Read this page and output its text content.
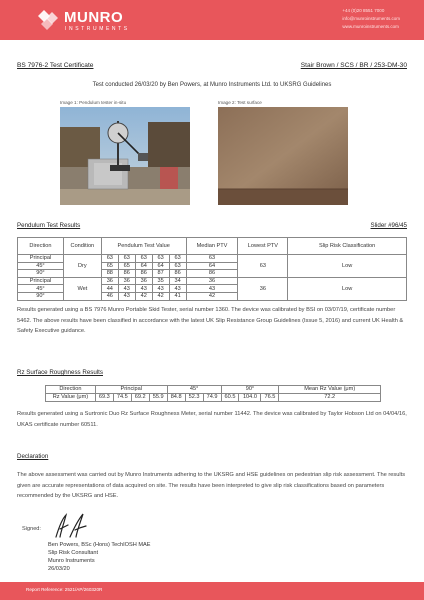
MUNRO
INSTRUMENTS
+44 (0)20 8551 7000
info@munroinstruments.com
www.munroinstruments.com
BS 7976-2 Test Certificate	Stair Brown / SCS / BR / 253-DM-30
Test conducted 26/03/20 by Ben Powers, at Munro Instruments Ltd. to UKSRG Guidelines
Image 1: Pendulum tester in-situ	Image 2: Test surface
Pendulum Test Results	Slider #96/45
Direction	Condition	Pendulum Test Value					Median PTV	Lowest PTV	Slip Risk Classification
Principal	Dry	63	63	63	63	63	63	63	Low
45°		65	65	64	64	63	64		
90°		88	86	86	87	86	86		
Principal	Wet	36	36	36	35	34	36	36	Low
45°		44	43	43	43	43	43		
90°		46	43	42	42	41	42		
Results generated using a BS 7976 Munro Portable Skid Tester, serial number 1360. The device was calibrated by BSI on 03/07/19, certificate number 5462. The above results have been classified in accordance with the latest UK Slip Resistance Group Guidelines (Issue 5, 2016) and current UK Health & Safety Executive guidance.
Rz Surface Roughness Results
Direction	Principal				45°			90°			Mean Rz Value (μm)
Rz Value (μm)	69.3	74.5	69.2	55.9	84.8	52.3	74.9	60.5	104.0	76.5	72.2
Results generated using a Surtronic Duo Rz Surface Roughness Meter, serial number 11442. The device was calibrated by Taylor Hobson Ltd on 04/04/16, UKAS certificate number 60511.
Declaration
The above assessment was carried out by Munro Instruments adhering to the UKSRG and HSE guidelines on pedestrian slip risk assessment. The results given are accurate representations of data acquired on site. The results have been interpreted to give slip risk classifications based on parameters recommended by the UKSRG and HSE.
Signed:
Ben Powers, BSc (Hons) TechIOSH MAE
Slip Risk Consultant
Munro Instruments
26/03/20
Report Reference: 2521/AP/260320R
